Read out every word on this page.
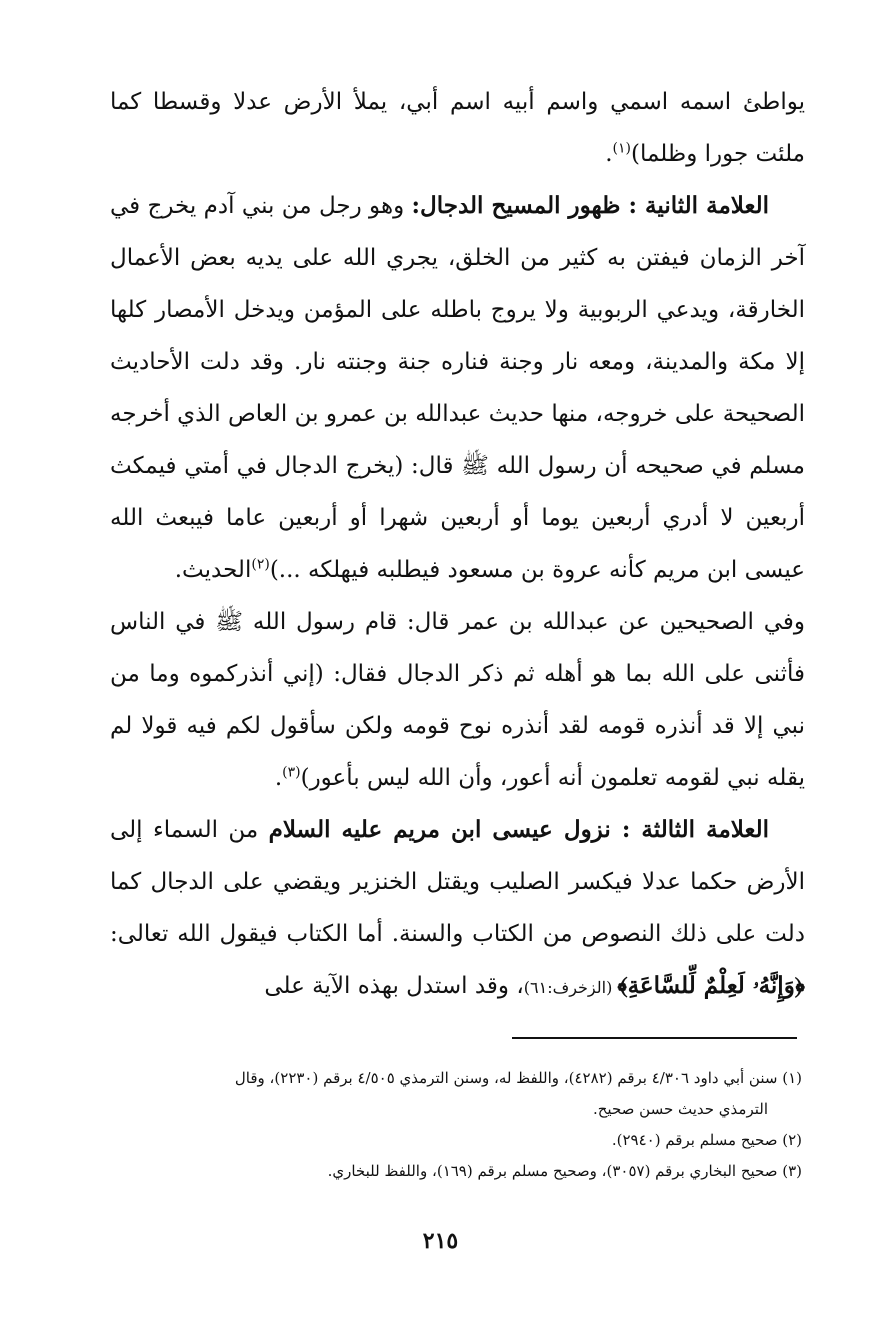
يواطئ اسمه اسمي واسم أبيه اسم أبي، يملأ الأرض عدلا وقسطا كما ملئت جورا وظلما)$^{(١)}$.

العلامة الثانية : ظهور المسيح الدجال: وهو رجل من بني آدم يخرج في آخر الزمان فيفتن به كثير من الخلق، يجري الله على يديه بعض الأعمال الخارقة، ويدعي الربوبية ولا يروج باطله على المؤمن ويدخل الأمصار كلها إلا مكة والمدينة، ومعه نار وجنة فناره جنة وجنته نار. وقد دلت الأحاديث الصحيحة على خروجه، منها حديث عبدالله بن عمرو بن العاص الذي أخرجه مسلم في صحيحه أن رسول الله ﷺ قال: (يخرج الدجال في أمتي فيمكث أربعين لا أدري أربعين يوما أو أربعين شهرا أو أربعين عاما فيبعث الله عيسى ابن مريم كأنه عروة بن مسعود فيطلبه فيهلكه ...)$^{(٢)}$الحديث.

وفي الصحيحين عن عبدالله بن عمر قال: قام رسول الله ﷺ في الناس فأثنى على الله بما هو أهله ثم ذكر الدجال فقال: (إني أنذركموه وما من نبي إلا قد أنذره قومه لقد أنذره نوح قومه ولكن سأقول لكم فيه قولا لم يقله نبي لقومه تعلمون أنه أعور، وأن الله ليس بأعور)$^{(٣)}$.

العلامة الثالثة : نزول عيسى ابن مريم عليه السلام من السماء إلى الأرض حكما عدلا فيكسر الصليب ويقتل الخنزير ويقضي على الدجال كما دلت على ذلك النصوص من الكتاب والسنة. أما الكتاب فيقول الله تعالى: ﴿وَإِنَّهُۥ لَعِلْمٌ لِّلسَّاعَةِ﴾ (الزخرف:٦١)، وقد استدل بهذه الآية على

(١) سنن أبي داود ٤/٣٠٦ برقم (٤٢٨٢)، واللفظ له، وسنن الترمذي ٤/٥٠٥ برقم (٢٢٣٠)، وقال

الترمذي حديث حسن صحيح.

(٢) صحيح مسلم برقم (٢٩٤٠).

(٣) صحيح البخاري برقم (٣٠٥٧)، وصحيح مسلم برقم (١٦٩)، واللفظ للبخاري.

٢١٥
